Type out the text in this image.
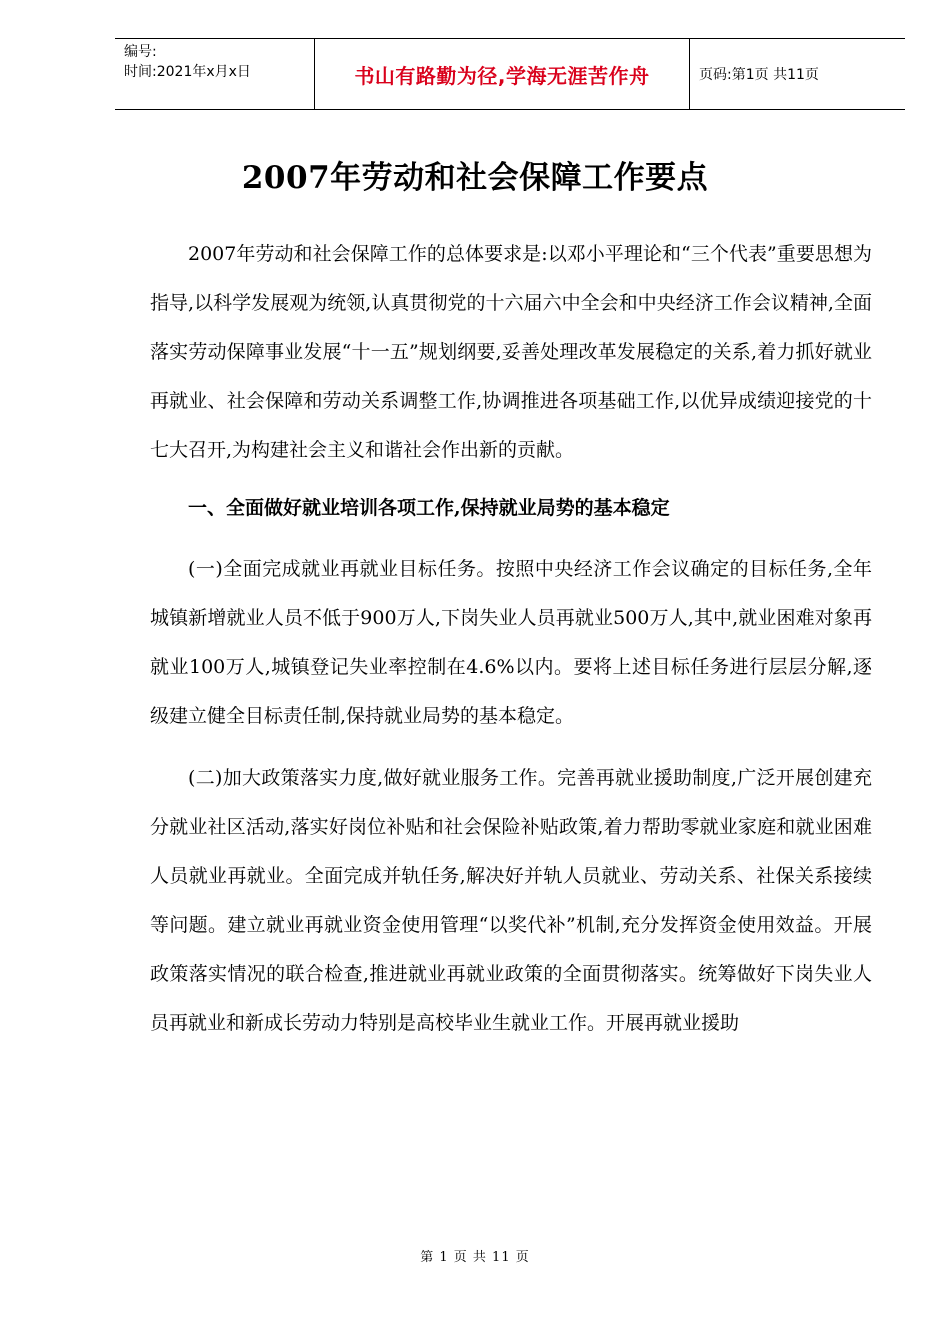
编号:
时间:2021年x月x日	书山有路勤为径,学海无涯苦作舟	页码:第1页 共11页
2007年劳动和社会保障工作要点

2007年劳动和社会保障工作的总体要求是:以邓小平理论和“三个代表”重要思想为指导,以科学发展观为统领,认真贯彻党的十六届六中全会和中央经济工作会议精神,全面落实劳动保障事业发展“十一五”规划纲要,妥善处理改革发展稳定的关系,着力抓好就业再就业、社会保障和劳动关系调整工作,协调推进各项基础工作,以优异成绩迎接党的十七大召开,为构建社会主义和谐社会作出新的贡献。

一、全面做好就业培训各项工作,保持就业局势的基本稳定

(一)全面完成就业再就业目标任务。按照中央经济工作会议确定的目标任务,全年城镇新增就业人员不低于900万人,下岗失业人员再就业500万人,其中,就业困难对象再就业100万人,城镇登记失业率控制在4.6%以内。要将上述目标任务进行层层分解,逐级建立健全目标责任制,保持就业局势的基本稳定。

(二)加大政策落实力度,做好就业服务工作。完善再就业援助制度,广泛开展创建充分就业社区活动,落实好岗位补贴和社会保险补贴政策,着力帮助零就业家庭和就业困难人员就业再就业。全面完成并轨任务,解决好并轨人员就业、劳动关系、社保关系接续等问题。建立就业再就业资金使用管理“以奖代补”机制,充分发挥资金使用效益。开展政策落实情况的联合检查,推进就业再就业政策的全面贯彻落实。统筹做好下岗失业人员再就业和新成长劳动力特别是高校毕业生就业工作。开展再就业援助

第 1 页 共 11 页
